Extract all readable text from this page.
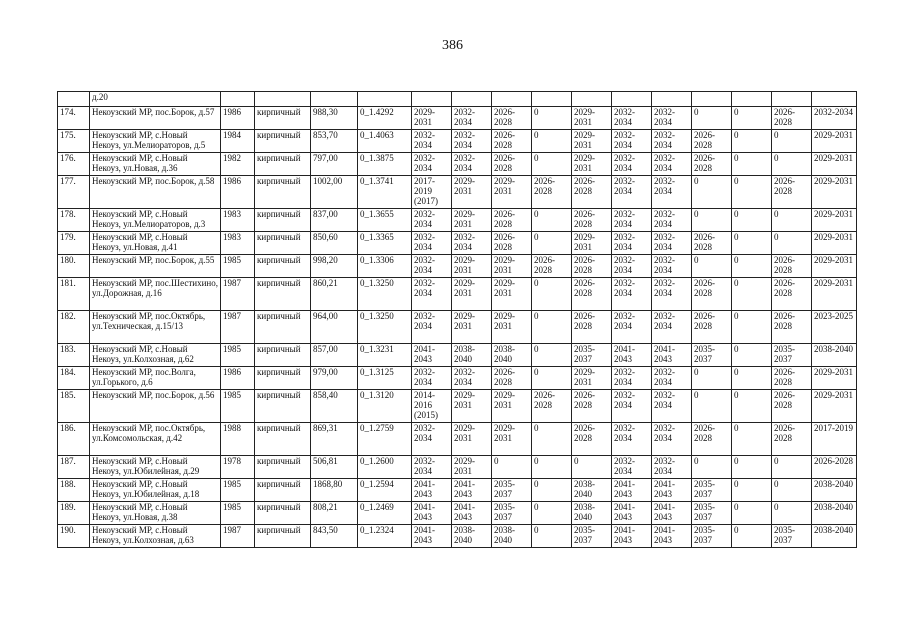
386
	д.20															
174.	Некоузский МР, пос.Борок, д.57	1986	кирпичный	988,30	0_1.4292	2029-2031	2032-2034	2026-2028	0	2029-2031	2032-2034	2032-2034	0	0	2026-2028	2032-2034
175.	Некоузский МР, с.Новый Некоуз, ул.Мелиораторов, д.5	1984	кирпичный	853,70	0_1.4063	2032-2034	2032-2034	2026-2028	0	2029-2031	2032-2034	2032-2034	2026-2028	0	0	2029-2031
176.	Некоузский МР, с.Новый Некоуз, ул.Новая, д.36	1982	кирпичный	797,00	0_1.3875	2032-2034	2032-2034	2026-2028	0	2029-2031	2032-2034	2032-2034	2026-2028	0	0	2029-2031
177.	Некоузский МР, пос.Борок, д.58	1986	кирпичный	1002,00	0_1.3741	2017-2019 (2017)	2029-2031	2029-2031	2026-2028	2026-2028	2032-2034	2032-2034	0	0	2026-2028	2029-2031
178.	Некоузский МР, с.Новый Некоуз, ул.Мелиораторов, д.3	1983	кирпичный	837,00	0_1.3655	2032-2034	2029-2031	2026-2028	0	2026-2028	2032-2034	2032-2034	0	0	0	2029-2031
179.	Некоузский МР, с.Новый Некоуз, ул.Новая, д.41	1983	кирпичный	850,60	0_1.3365	2032-2034	2032-2034	2026-2028	0	2029-2031	2032-2034	2032-2034	2026-2028	0	0	2029-2031
180.	Некоузский МР, пос.Борок, д.55	1985	кирпичный	998,20	0_1.3306	2032-2034	2029-2031	2029-2031	2026-2028	2026-2028	2032-2034	2032-2034	0	0	2026-2028	2029-2031
181.	Некоузский МР, пос.Шестихино, ул.Дорожная, д.16	1987	кирпичный	860,21	0_1.3250	2032-2034	2029-2031	2029-2031	0	2026-2028	2032-2034	2032-2034	2026-2028	0	2026-2028	2029-2031
182.	Некоузский МР, пос.Октябрь, ул.Техническая, д.15/13	1987	кирпичный	964,00	0_1.3250	2032-2034	2029-2031	2029-2031	0	2026-2028	2032-2034	2032-2034	2026-2028	0	2026-2028	2023-2025
183.	Некоузский МР, с.Новый Некоуз, ул.Колхозная, д.62	1985	кирпичный	857,00	0_1.3231	2041-2043	2038-2040	2038-2040	0	2035-2037	2041-2043	2041-2043	2035-2037	0	2035-2037	2038-2040
184.	Некоузский МР, пос.Волга, ул.Горького, д.6	1986	кирпичный	979,00	0_1.3125	2032-2034	2032-2034	2026-2028	0	2029-2031	2032-2034	2032-2034	0	0	2026-2028	2029-2031
185.	Некоузский МР, пос.Борок, д.56	1985	кирпичный	858,40	0_1.3120	2014-2016 (2015)	2029-2031	2029-2031	2026-2028	2026-2028	2032-2034	2032-2034	0	0	2026-2028	2029-2031
186.	Некоузский МР, пос.Октябрь, ул.Комсомольская, д.42	1988	кирпичный	869,31	0_1.2759	2032-2034	2029-2031	2029-2031	0	2026-2028	2032-2034	2032-2034	2026-2028	0	2026-2028	2017-2019
187.	Некоузский МР, с.Новый Некоуз, ул.Юбилейная, д.29	1978	кирпичный	506,81	0_1.2600	2032-2034	2029-2031	0	0	0	2032-2034	2032-2034	0	0	0	2026-2028
188.	Некоузский МР, с.Новый Некоуз, ул.Юбилейная, д.18	1985	кирпичный	1868,80	0_1.2594	2041-2043	2041-2043	2035-2037	0	2038-2040	2041-2043	2041-2043	2035-2037	0	0	2038-2040
189.	Некоузский МР, с.Новый Некоуз, ул.Новая, д.38	1985	кирпичный	808,21	0_1.2469	2041-2043	2041-2043	2035-2037	0	2038-2040	2041-2043	2041-2043	2035-2037	0	0	2038-2040
190.	Некоузский МР, с.Новый Некоуз, ул.Колхозная, д.63	1987	кирпичный	843,50	0_1.2324	2041-2043	2038-2040	2038-2040	0	2035-2037	2041-2043	2041-2043	2035-2037	0	2035-2037	2038-2040
